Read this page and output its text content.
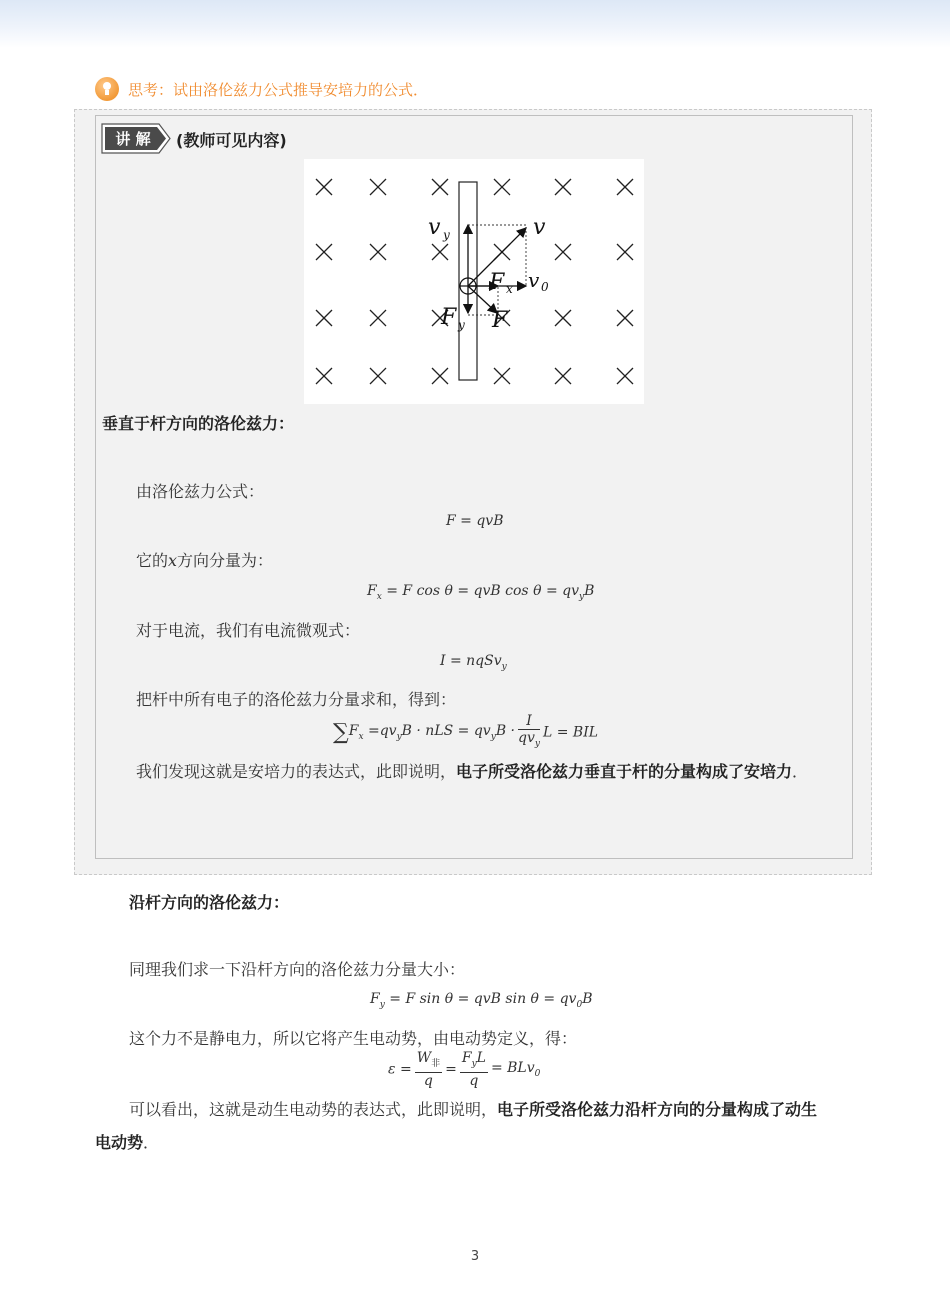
思考：试由洛伦兹力公式推导安培力的公式．
讲 解 (教师可见内容)
v y	v
F x v 0
F y F
垂直于杆方向的洛伦兹力：
由洛伦兹力公式：
F = qvB
它的x方向分量为：
$F_x = F$ cos θ = qvB $\cos \theta = qv_yB$
对于电流，我们有电流微观式：
I = nqSv$_y$
把杆中所有电子的洛伦兹力分量求和，得到：
$\sum F_x =qv_yB$ · nLS = $qv_yB \cdot \frac{I}{qv_y}$ L = BIL
我们发现这就是安培力的表达式，此即说明，电子所受洛伦兹力垂直于杆的分量构成了安培力．
沿杆方向的洛伦兹力：
同理我们求一下沿杆方向的洛伦兹力分量大小：
$F_y = F$ sin θ = qvB $\sin \theta = qv_0B$
这个力不是静电力，所以它将产生电动势，由电动势定义，得：
$\varepsilon = \frac{W_非}{q} = \frac{F_yL}{q} = BLv_0$
可以看出，这就是动生电动势的表达式，此即说明，电子所受洛伦兹力沿杆方向的分量构成了动生
电动势．
3
